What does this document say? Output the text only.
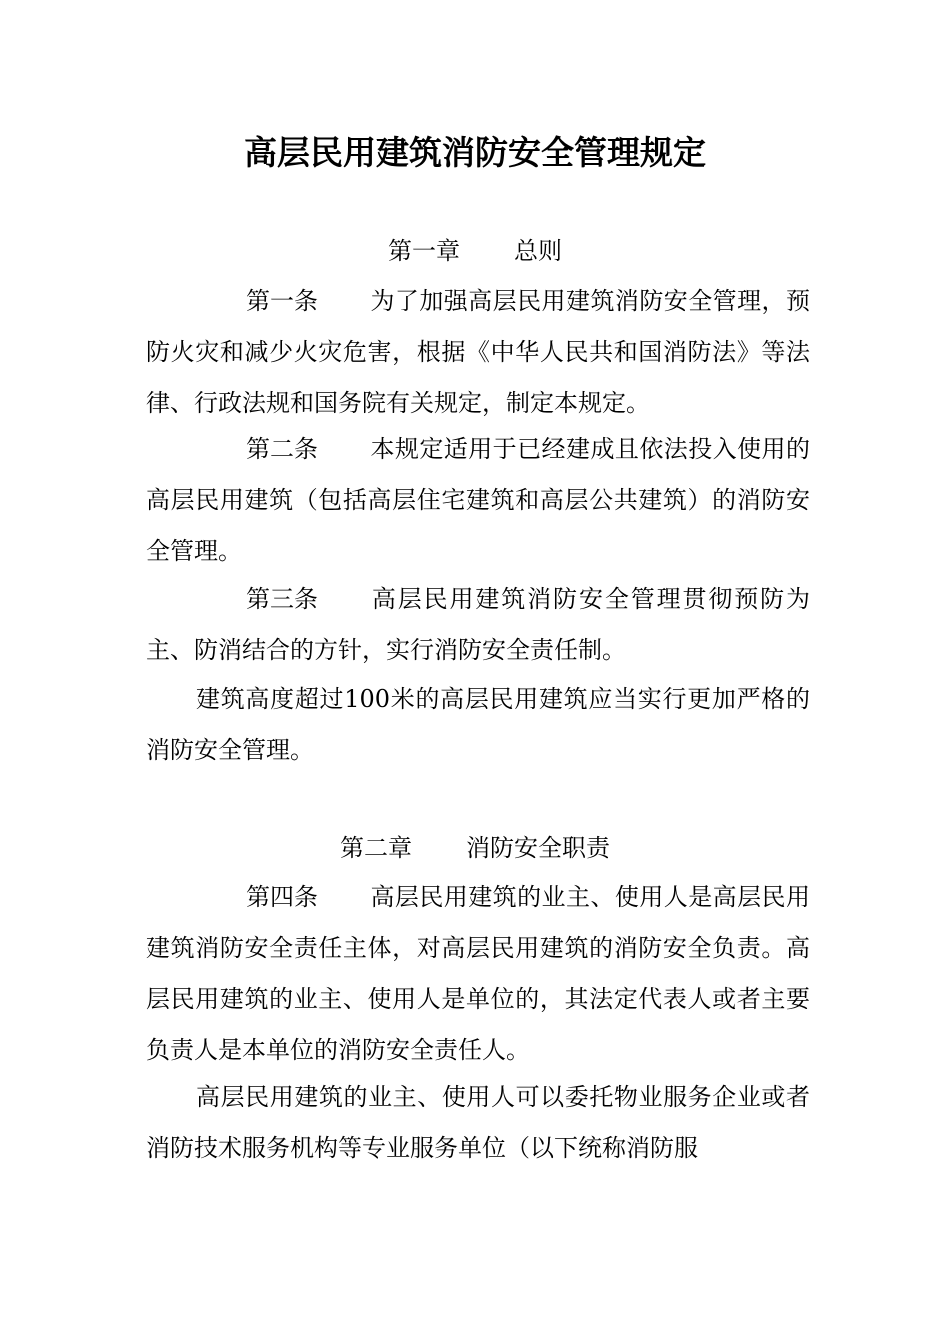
高层民用建筑消防安全管理规定
第一章 总则
第一条 为了加强高层民用建筑消防安全管理，预防火灾和减少火灾危害，根据《中华人民共和国消防法》等法律、行政法规和国务院有关规定，制定本规定。
第二条 本规定适用于已经建成且依法投入使用的高层民用建筑（包括高层住宅建筑和高层公共建筑）的消防安全管理。
第三条 高层民用建筑消防安全管理贯彻预防为主、防消结合的方针，实行消防安全责任制。
建筑高度超过100米的高层民用建筑应当实行更加严格的消防安全管理。
第二章 消防安全职责
第四条 高层民用建筑的业主、使用人是高层民用建筑消防安全责任主体，对高层民用建筑的消防安全负责。高层民用建筑的业主、使用人是单位的，其法定代表人或者主要负责人是本单位的消防安全责任人。
高层民用建筑的业主、使用人可以委托物业服务企业或者消防技术服务机构等专业服务单位（以下统称消防服
